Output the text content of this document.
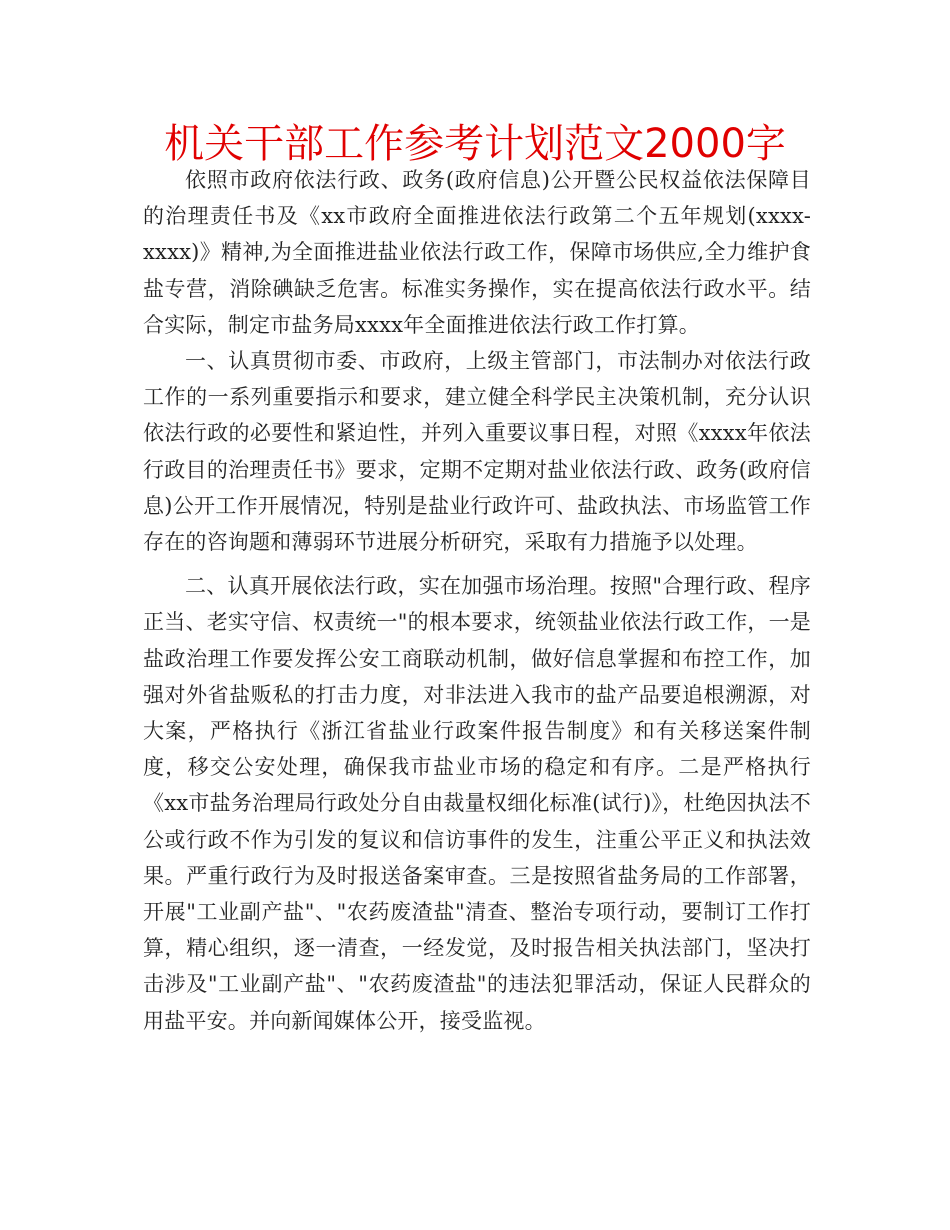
机关干部工作参考计划范文2000字

依照市政府依法行政、政务(政府信息)公开暨公民权益依法保障目的治理责任书及《xx市政府全面推进依法行政第二个五年规划(xxxx-xxxx)》精神,为全面推进盐业依法行政工作，保障市场供应,全力维护食盐专营，消除碘缺乏危害。标准实务操作，实在提高依法行政水平。结合实际，制定市盐务局xxxx年全面推进依法行政工作打算。

一、认真贯彻市委、市政府，上级主管部门，市法制办对依法行政工作的一系列重要指示和要求，建立健全科学民主决策机制，充分认识依法行政的必要性和紧迫性，并列入重要议事日程，对照《xxxx年依法行政目的治理责任书》要求，定期不定期对盐业依法行政、政务(政府信息)公开工作开展情况，特别是盐业行政许可、盐政执法、市场监管工作存在的咨询题和薄弱环节进展分析研究，采取有力措施予以处理。

二、认真开展依法行政，实在加强市场治理。按照"合理行政、程序正当、老实守信、权责统一"的根本要求，统领盐业依法行政工作，一是盐政治理工作要发挥公安工商联动机制，做好信息掌握和布控工作，加强对外省盐贩私的打击力度，对非法进入我市的盐产品要追根溯源，对大案，严格执行《浙江省盐业行政案件报告制度》和有关移送案件制度，移交公安处理，确保我市盐业市场的稳定和有序。二是严格执行《xx市盐务治理局行政处分自由裁量权细化标准(试行)》，杜绝因执法不公或行政不作为引发的复议和信访事件的发生，注重公平正义和执法效果。严重行政行为及时报送备案审查。三是按照省盐务局的工作部署，开展"工业副产盐"、"农药废渣盐"清查、整治专项行动，要制订工作打算，精心组织，逐一清查，一经发觉，及时报告相关执法部门，坚决打击涉及"工业副产盐"、"农药废渣盐"的违法犯罪活动，保证人民群众的用盐平安。并向新闻媒体公开，接受监视。
